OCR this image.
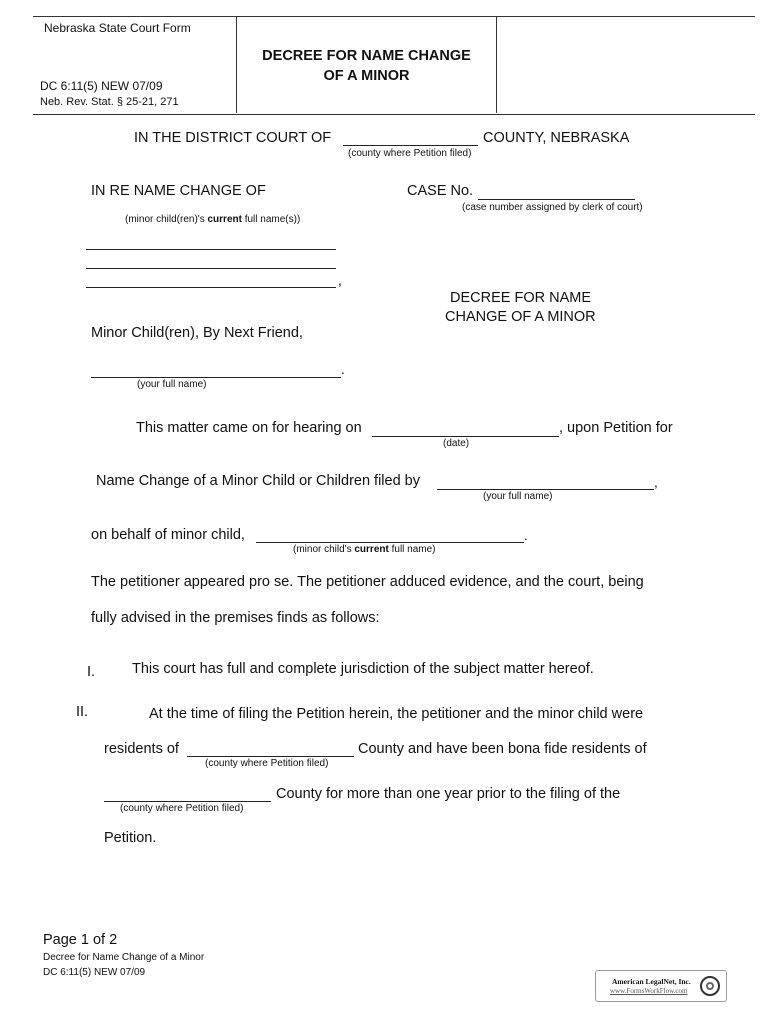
Nebraska State Court Form
DC 6:11(5) NEW 07/09
Neb. Rev. Stat. § 25-21, 271
DECREE FOR NAME CHANGE
OF A MINOR
IN THE DISTRICT COURT OF	COUNTY, NEBRASKA
(county where Petition filed)
IN RE NAME CHANGE OF	CASE No.
(case number assigned by clerk of court)
(minor child(ren)'s current full name(s))
,
DECREE FOR NAME
CHANGE OF A MINOR
Minor Child(ren), By Next Friend,
.
(your full name)
This matter came on for hearing on	, upon Petition for
(date)
Name Change of a Minor Child or Children filed by	,
(your full name)
on behalf of minor child,	.
(minor child's current full name)
The petitioner appeared pro se. The petitioner adduced evidence, and the court, being
fully advised in the premises finds as follows:
I.	This court has full and complete jurisdiction of the subject matter hereof.
II.	At the time of filing the Petition herein, the petitioner and the minor child were
residents of	County and have been bona fide residents of
(county where Petition filed)
County for more than one year prior to the filing of the
(county where Petition filed)
Petition.
Page 1 of 2
Decree for Name Change of a Minor
DC 6:11(5) NEW 07/09
American LegalNet, Inc.
www.FormsWorkFlow.com
